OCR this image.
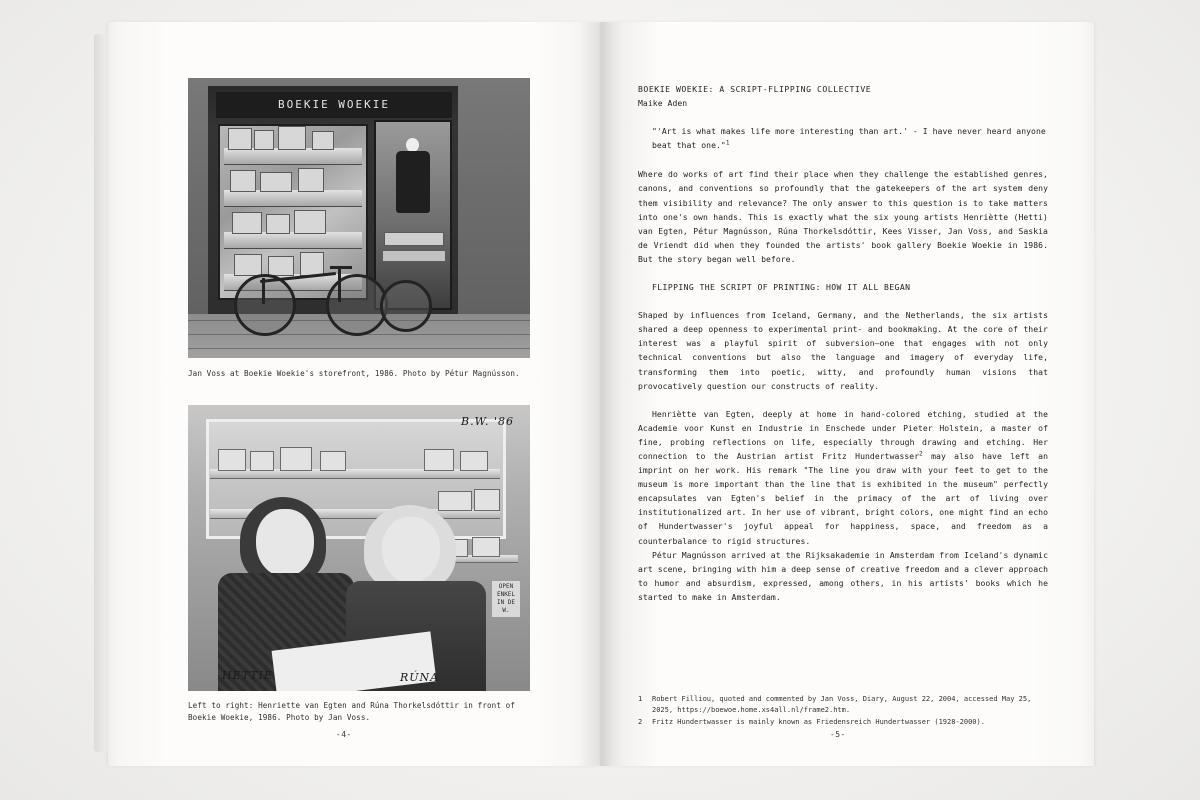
BOEKIE WOEKIE
Jan Voss at Boekie Woekie's storefront, 1986. Photo by Pétur Magnússon.
B.W. '86
HETTIE	RÚNA
OPEN ENKEL IN DE W.
Left to right: Henriette van Egten and Rúna Thorkelsdóttir in front of
Boekie Woekie, 1986. Photo by Jan Voss.
-4-
BOEKIE WOEKIE: A SCRIPT-FLIPPING COLLECTIVE
Maike Aden
"'Art is what makes life more interesting than art.' - I have never heard anyone beat that one."$^1$

Where do works of art find their place when they challenge the established genres, canons, and conventions so profoundly that the gatekeepers of the art system deny them visibility and relevance? The only answer to this question is to take matters into one's own hands. This is exactly what the six young artists Henriètte (Hetti) van Egten, Pétur Magnússon, Rúna Thorkelsdóttir, Kees Visser, Jan Voss, and Saskia de Vriendt did when they founded the artists' book gallery Boekie Woekie in 1986. But the story began well before.

FLIPPING THE SCRIPT OF PRINTING: HOW IT ALL BEGAN

Shaped by influences from Iceland, Germany, and the Netherlands, the six artists shared a deep openness to experimental print- and bookmaking. At the core of their interest was a playful spirit of subversion—one that engages with not only technical conventions but also the language and imagery of everyday life, transforming them into poetic, witty, and profoundly human visions that provocatively question our constructs of reality.

Henriètte van Egten, deeply at home in hand-colored etching, studied at the Academie voor Kunst en Industrie in Enschede under Pieter Holstein, a master of fine, probing reflections on life, especially through drawing and etching. Her connection to the Austrian artist Fritz Hundertwasser$^2$ may also have left an imprint on her work. His remark "The line you draw with your feet to get to the museum is more important than the line that is exhibited in the museum" perfectly encapsulates van Egten's belief in the primacy of the art of living over institutionalized art. In her use of vibrant, bright colors, one might find an echo of Hundertwasser's joyful appeal for happiness, space, and freedom as a counterbalance to rigid structures.

Pétur Magnússon arrived at the Rijksakademie in Amsterdam from Iceland's dynamic art scene, bringing with him a deep sense of creative freedom and a clever approach to humor and absurdism, expressed, among others, in his artists' books which he started to make in Amsterdam.

1	Robert Filliou, quoted and commented by Jan Voss, Diary, August 22, 2004, accessed May 25, 2025, https://boewoe.home.xs4all.nl/frame2.htm.
2	Fritz Hundertwasser is mainly known as Friedensreich Hundertwasser (1928-2000).
-5-
